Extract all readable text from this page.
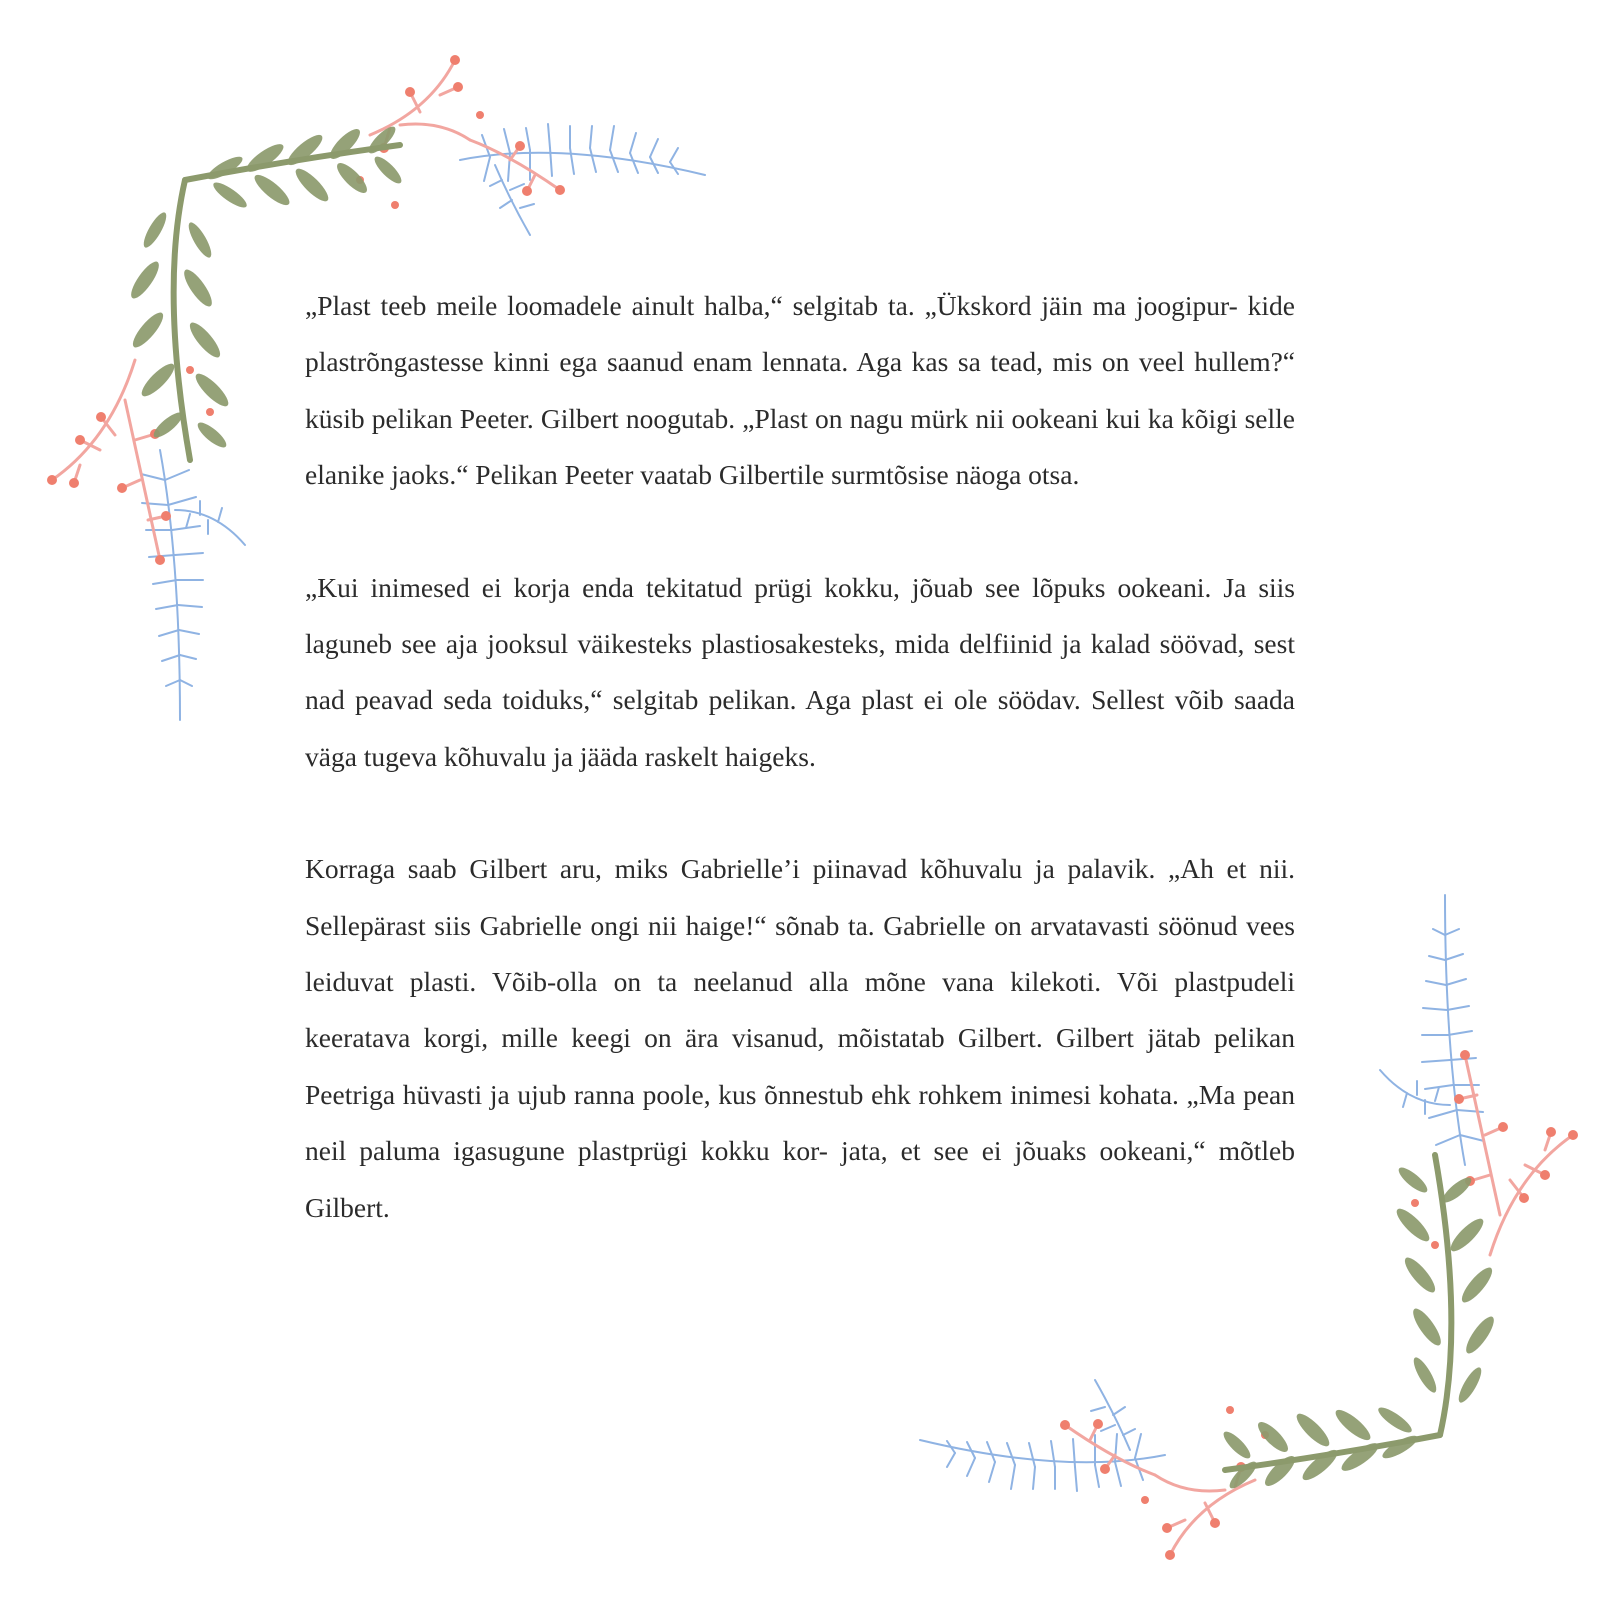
„Plast teeb meile loomadele ainult halba,“ selgitab ta. „Ükskord jäin ma joogipur- kide plastrõngastesse kinni ega saanud enam lennata. Aga kas sa tead, mis on veel hullem?“ küsib pelikan Peeter. Gilbert noogutab. „Plast on nagu mürk nii ookeani kui ka kõigi selle elanike jaoks.“ Pelikan Peeter vaatab Gilbertile surmtõsise näoga otsa.

„Kui inimesed ei korja enda tekitatud prügi kokku, jõuab see lõpuks ookeani. Ja siis laguneb see aja jooksul väikesteks plastiosakesteks, mida delfiinid ja kalad söövad, sest nad peavad seda toiduks,“ selgitab pelikan. Aga plast ei ole söödav. Sellest võib saada väga tugeva kõhuvalu ja jääda raskelt haigeks.

Korraga saab Gilbert aru, miks Gabrielle’i piinavad kõhuvalu ja palavik. „Ah et nii. Sellepärast siis Gabrielle ongi nii haige!“ sõnab ta. Gabrielle on arvatavasti söönud vees leiduvat plasti. Võib-olla on ta neelanud alla mõne vana kilekoti. Või plastpudeli keeratava korgi, mille keegi on ära visanud, mõistatab Gilbert. Gilbert jätab pelikan Peetriga hüvasti ja ujub ranna poole, kus õnnestub ehk rohkem inimesi kohata. „Ma pean neil paluma igasugune plastprügi kokku kor- jata, et see ei jõuaks ookeani,“ mõtleb Gilbert.
